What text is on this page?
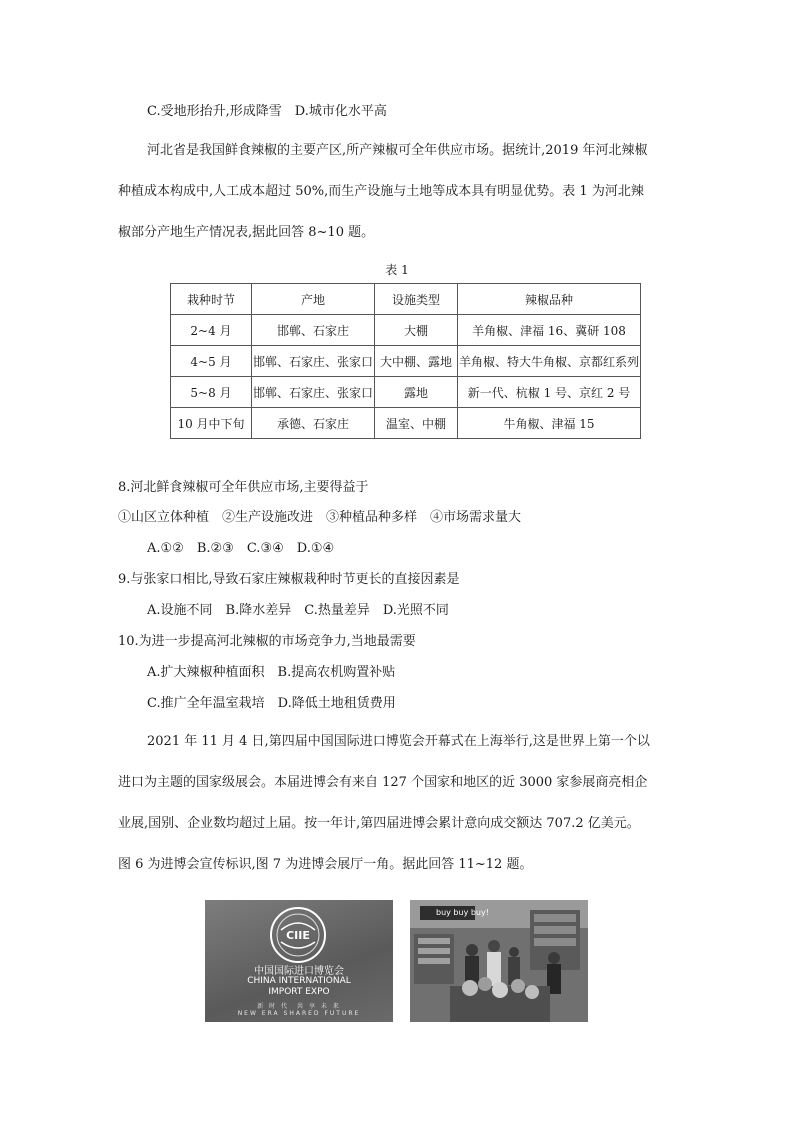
C.受地形抬升,形成降雪　D.城市化水平高
河北省是我国鲜食辣椒的主要产区,所产辣椒可全年供应市场。据统计,2019 年河北辣椒
种植成本构成中,人工成本超过 50%,而生产设施与土地等成本具有明显优势。表 1 为河北辣
椒部分产地生产情况表,据此回答 8~10 题。
表 1
栽种时节	产地	设施类型	辣椒品种
2~4 月	邯郸、石家庄	大棚	羊角椒、津福 16、冀研 108
4~5 月	邯郸、石家庄、张家口	大中棚、露地	羊角椒、特大牛角椒、京都红系列
5~8 月	邯郸、石家庄、张家口	露地	新一代、杭椒 1 号、京红 2 号
10 月中下旬	承德、石家庄	温室、中棚	牛角椒、津福 15
8.河北鲜食辣椒可全年供应市场,主要得益于
①山区立体种植　②生产设施改进　③种植品种多样　④市场需求量大
A.①②　B.②③　C.③④　D.①④
9.与张家口相比,导致石家庄辣椒栽种时节更长的直接因素是
A.设施不同　B.降水差异　C.热量差异　D.光照不同
10.为进一步提高河北辣椒的市场竞争力,当地最需要
A.扩大辣椒种植面积　B.提高农机购置补贴
C.推广全年温室栽培　D.降低土地租赁费用
2021 年 11 月 4 日,第四届中国国际进口博览会开幕式在上海举行,这是世界上第一个以
进口为主题的国家级展会。本届进博会有来自 127 个国家和地区的近 3000 家参展商亮相企
业展,国别、企业数均超过上届。按一年计,第四届进博会累计意向成交额达 707.2 亿美元。
图 6 为进博会宣传标识,图 7 为进博会展厅一角。据此回答 11~12 题。
CIIE
中国国际进口博览会
CHINA INTERNATIONAL
IMPORT EXPO
新 时 代　共 享 未 来
NEW ERA SHARED FUTURE
buy buy buy!
